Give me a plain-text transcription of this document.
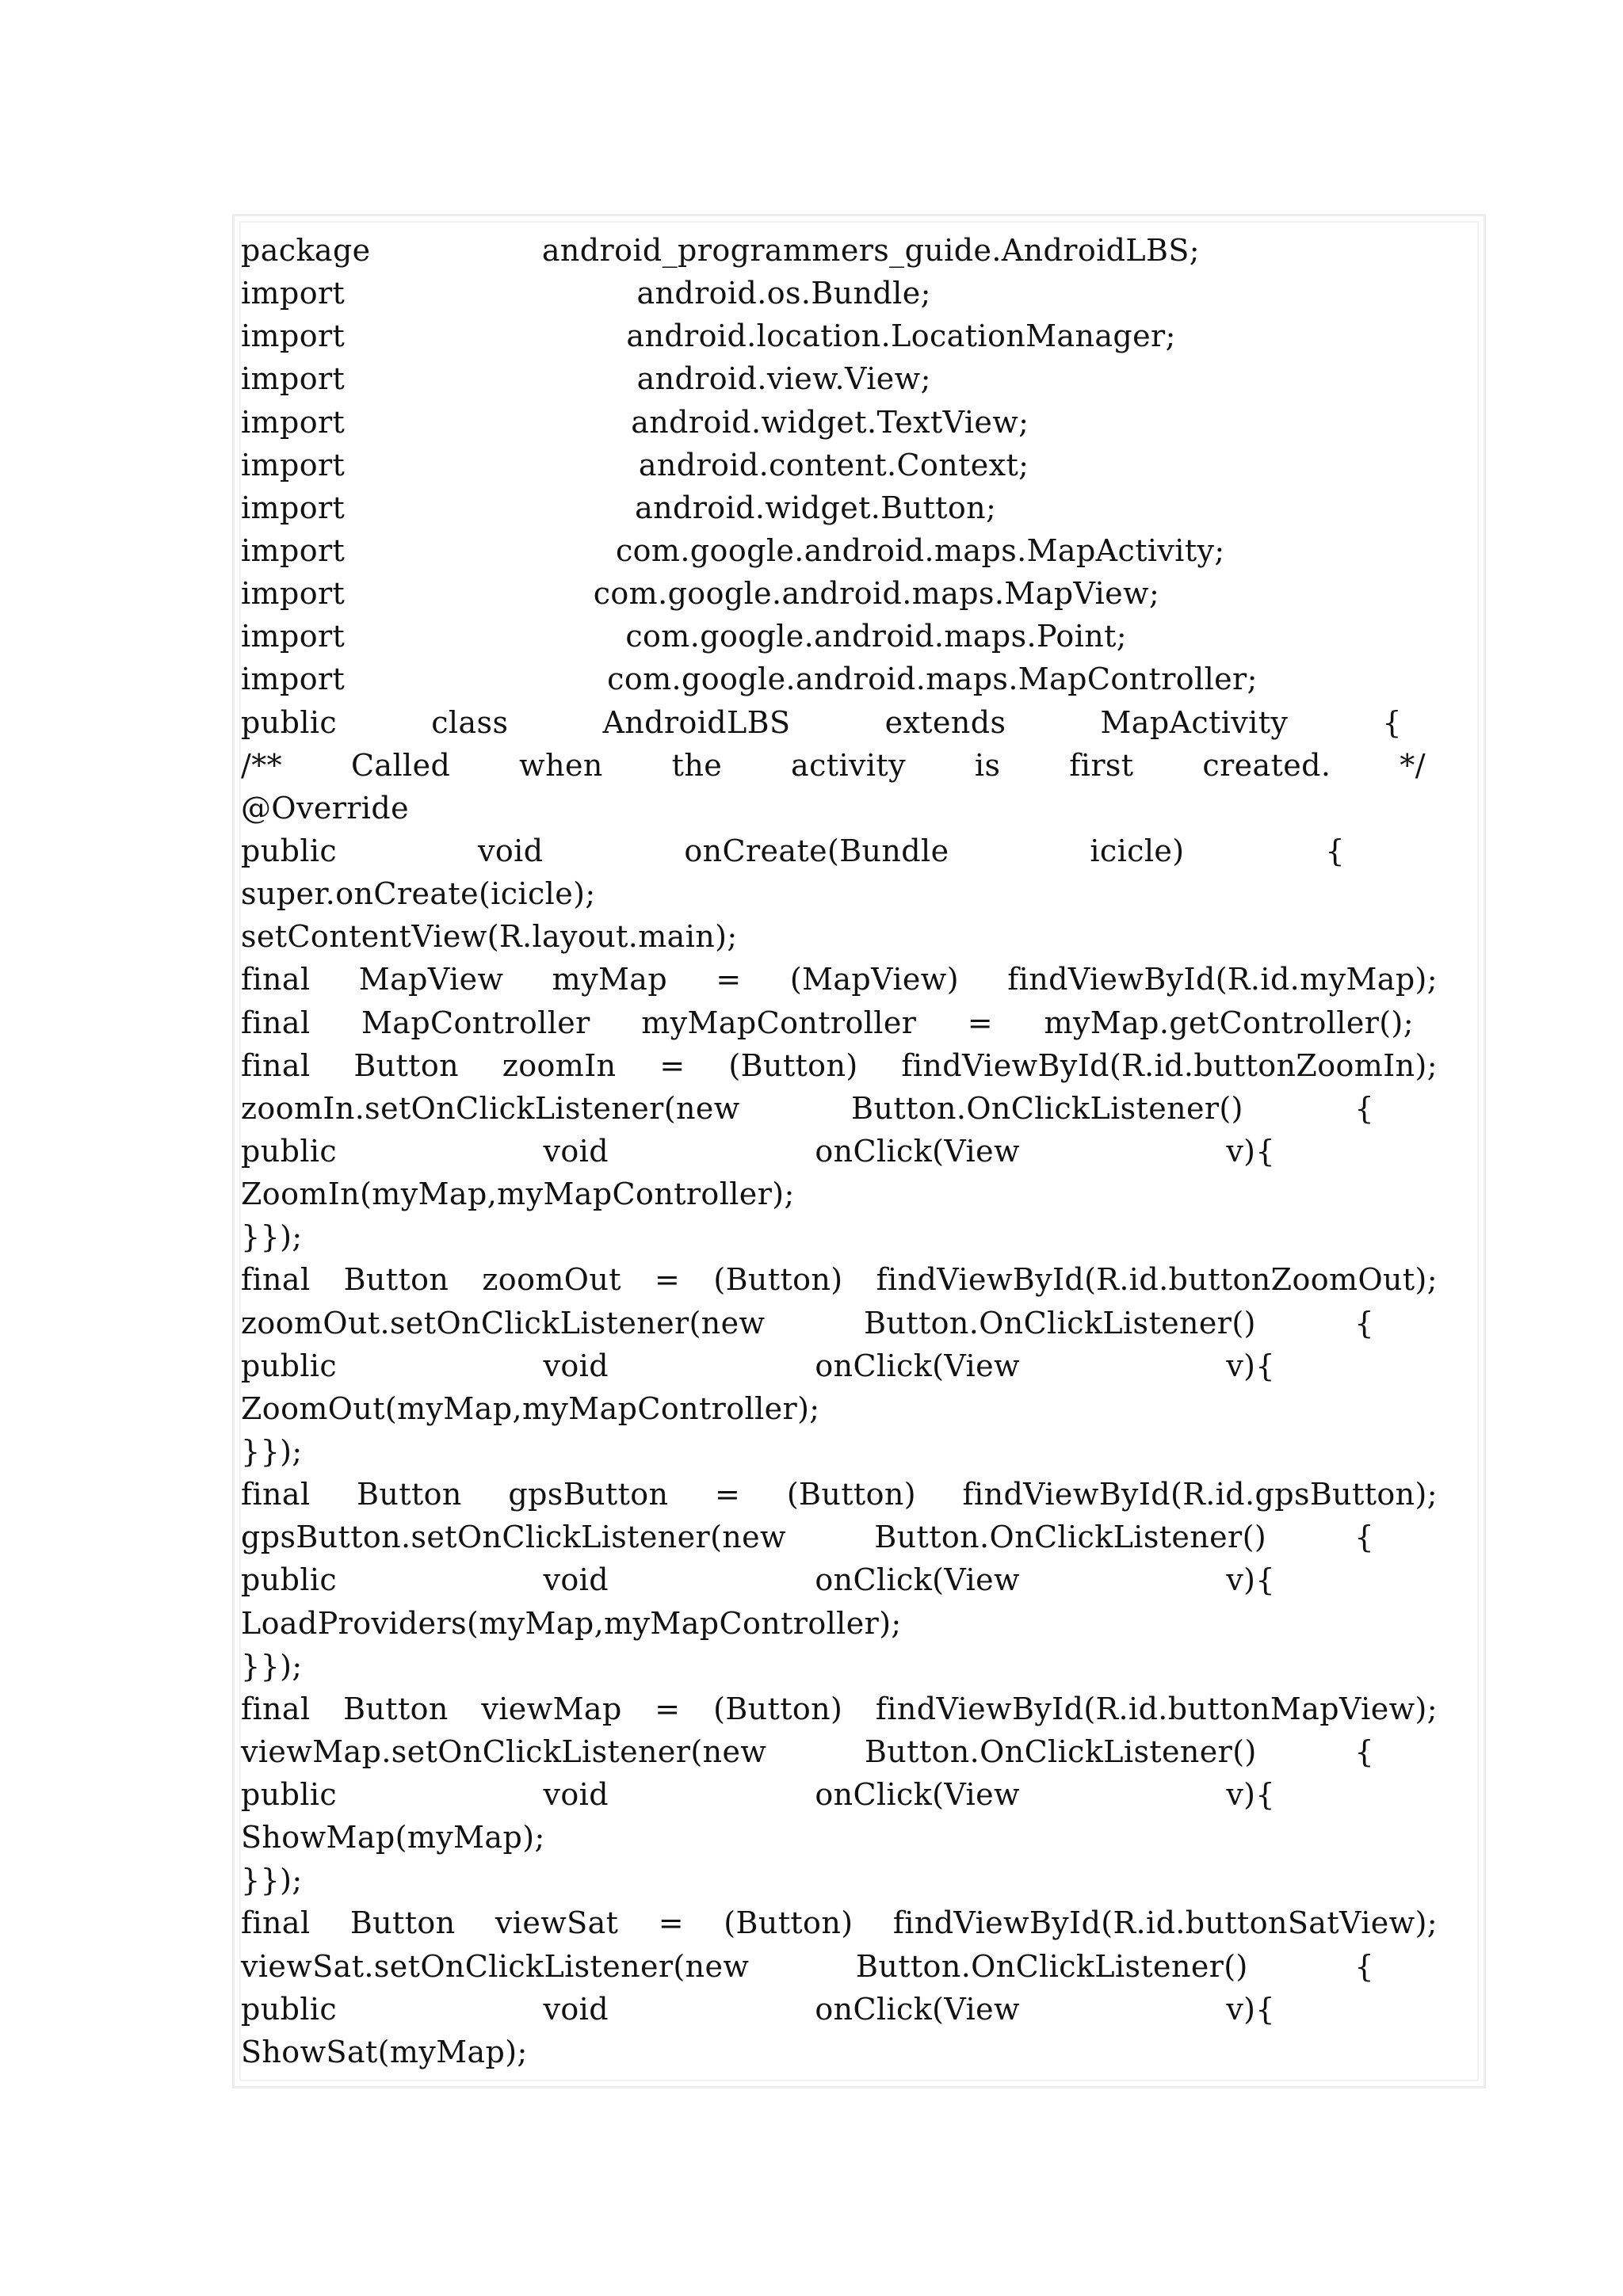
package	android_programmers_guide.AndroidLBS;
import	android.os.Bundle;
import	android.location.LocationManager;
import	android.view.View;
import	android.widget.TextView;
import	android.content.Context;
import	android.widget.Button;
import	com.google.android.maps.MapActivity;
import	com.google.android.maps.MapView;
import	com.google.android.maps.Point;
import	com.google.android.maps.MapController;
public	class	AndroidLBS	extends	MapActivity	{
/** Called when the activity is first created. */
@Override
public	void	onCreate(Bundle	icicle)	{
super.onCreate(icicle);
setContentView(R.layout.main);
final MapView myMap = (MapView) findViewById(R.id.myMap);
final MapController myMapController = myMap.getController();
final Button zoomIn = (Button) findViewById(R.id.buttonZoomIn);
zoomIn.setOnClickListener(new	Button.OnClickListener()	{
public	void	onClick(View	v){
ZoomIn(myMap,myMapController);
}});
final Button zoomOut = (Button) findViewById(R.id.buttonZoomOut);
zoomOut.setOnClickListener(new	Button.OnClickListener()	{
public	void	onClick(View	v){
ZoomOut(myMap,myMapController);
}});
final Button gpsButton = (Button) findViewById(R.id.gpsButton);
gpsButton.setOnClickListener(new	Button.OnClickListener()	{
public	void	onClick(View	v){
LoadProviders(myMap,myMapController);
}});
final Button viewMap = (Button) findViewById(R.id.buttonMapView);
viewMap.setOnClickListener(new	Button.OnClickListener()	{
public	void	onClick(View	v){
ShowMap(myMap);
}});
final Button viewSat = (Button) findViewById(R.id.buttonSatView);
viewSat.setOnClickListener(new	Button.OnClickListener()	{
public	void	onClick(View	v){
ShowSat(myMap);
